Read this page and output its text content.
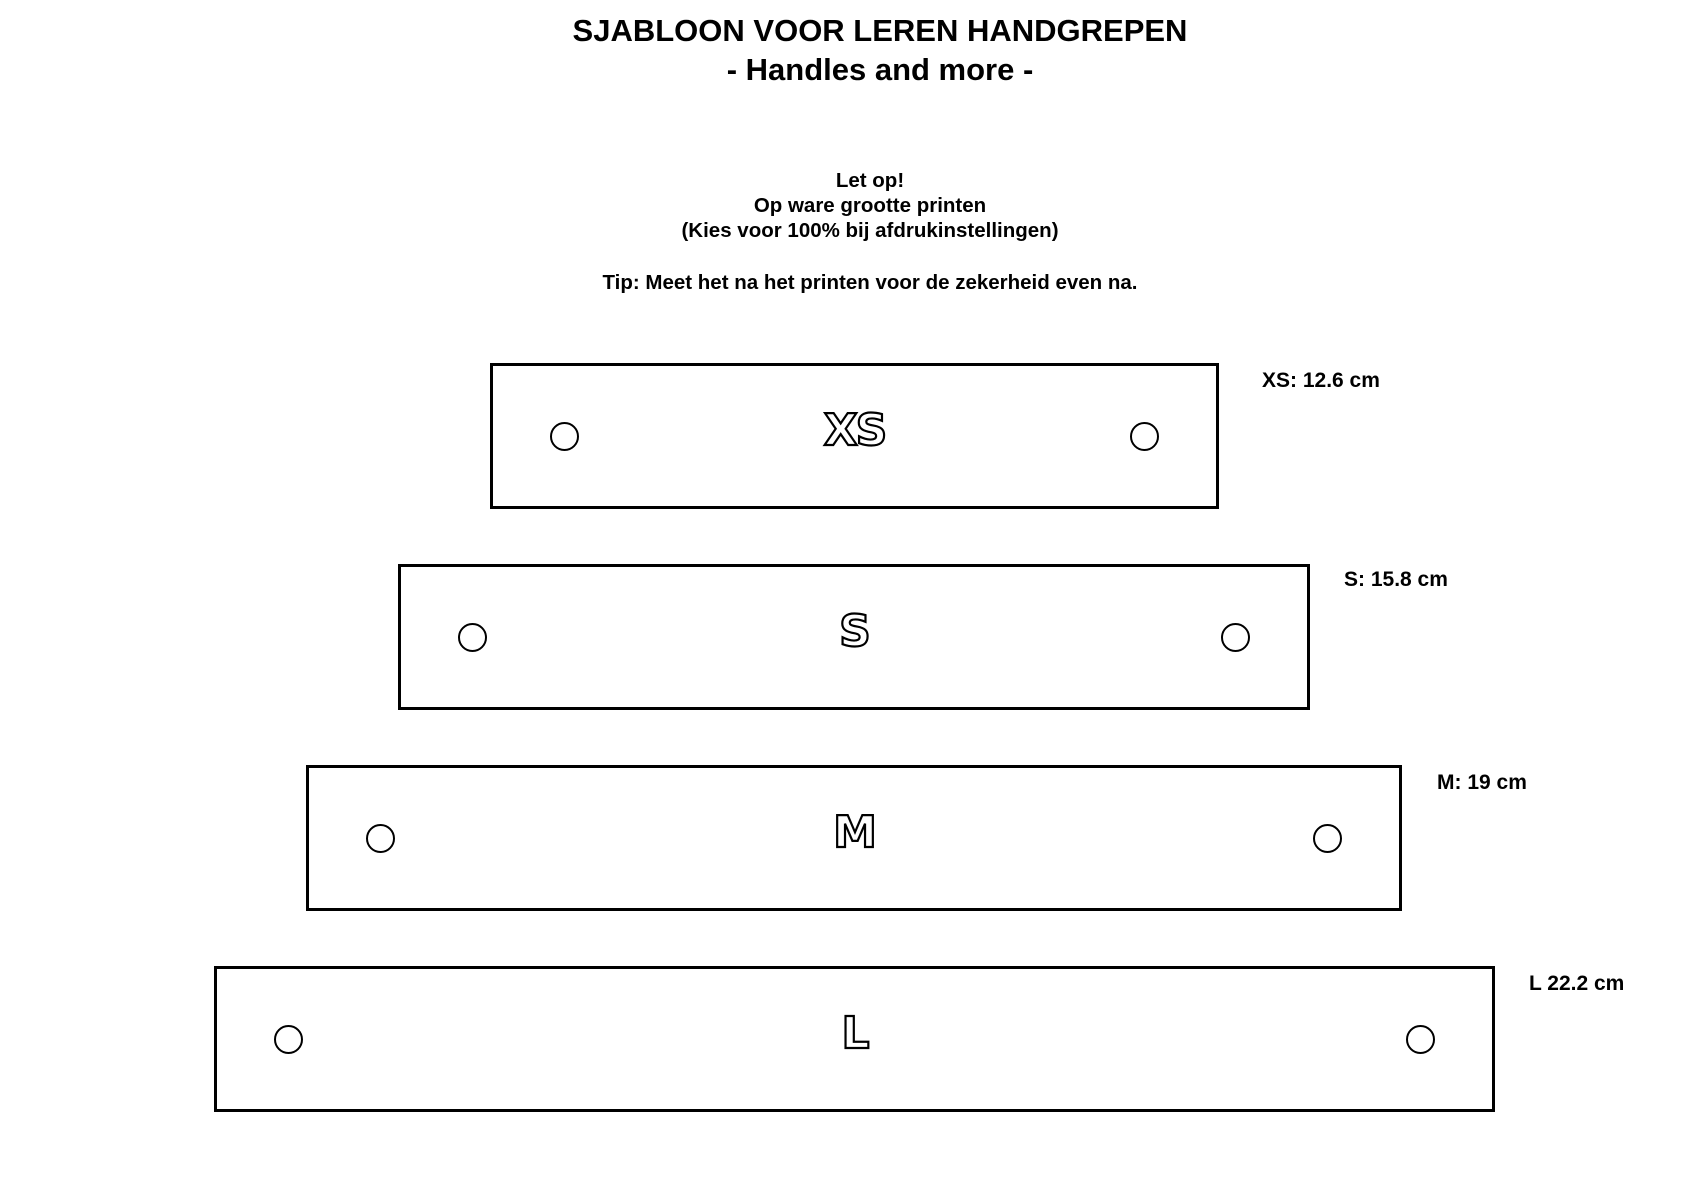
SJABLOON VOOR LEREN HANDGREPEN
- Handles and more -

Let op!

Op ware grootte printen

(Kies voor 100% bij afdrukinstellingen)

Tip: Meet het na het printen voor de zekerheid even na.

XS
XS: 12.6 cm
S
S: 15.8 cm
M
M: 19 cm
L
L 22.2 cm
